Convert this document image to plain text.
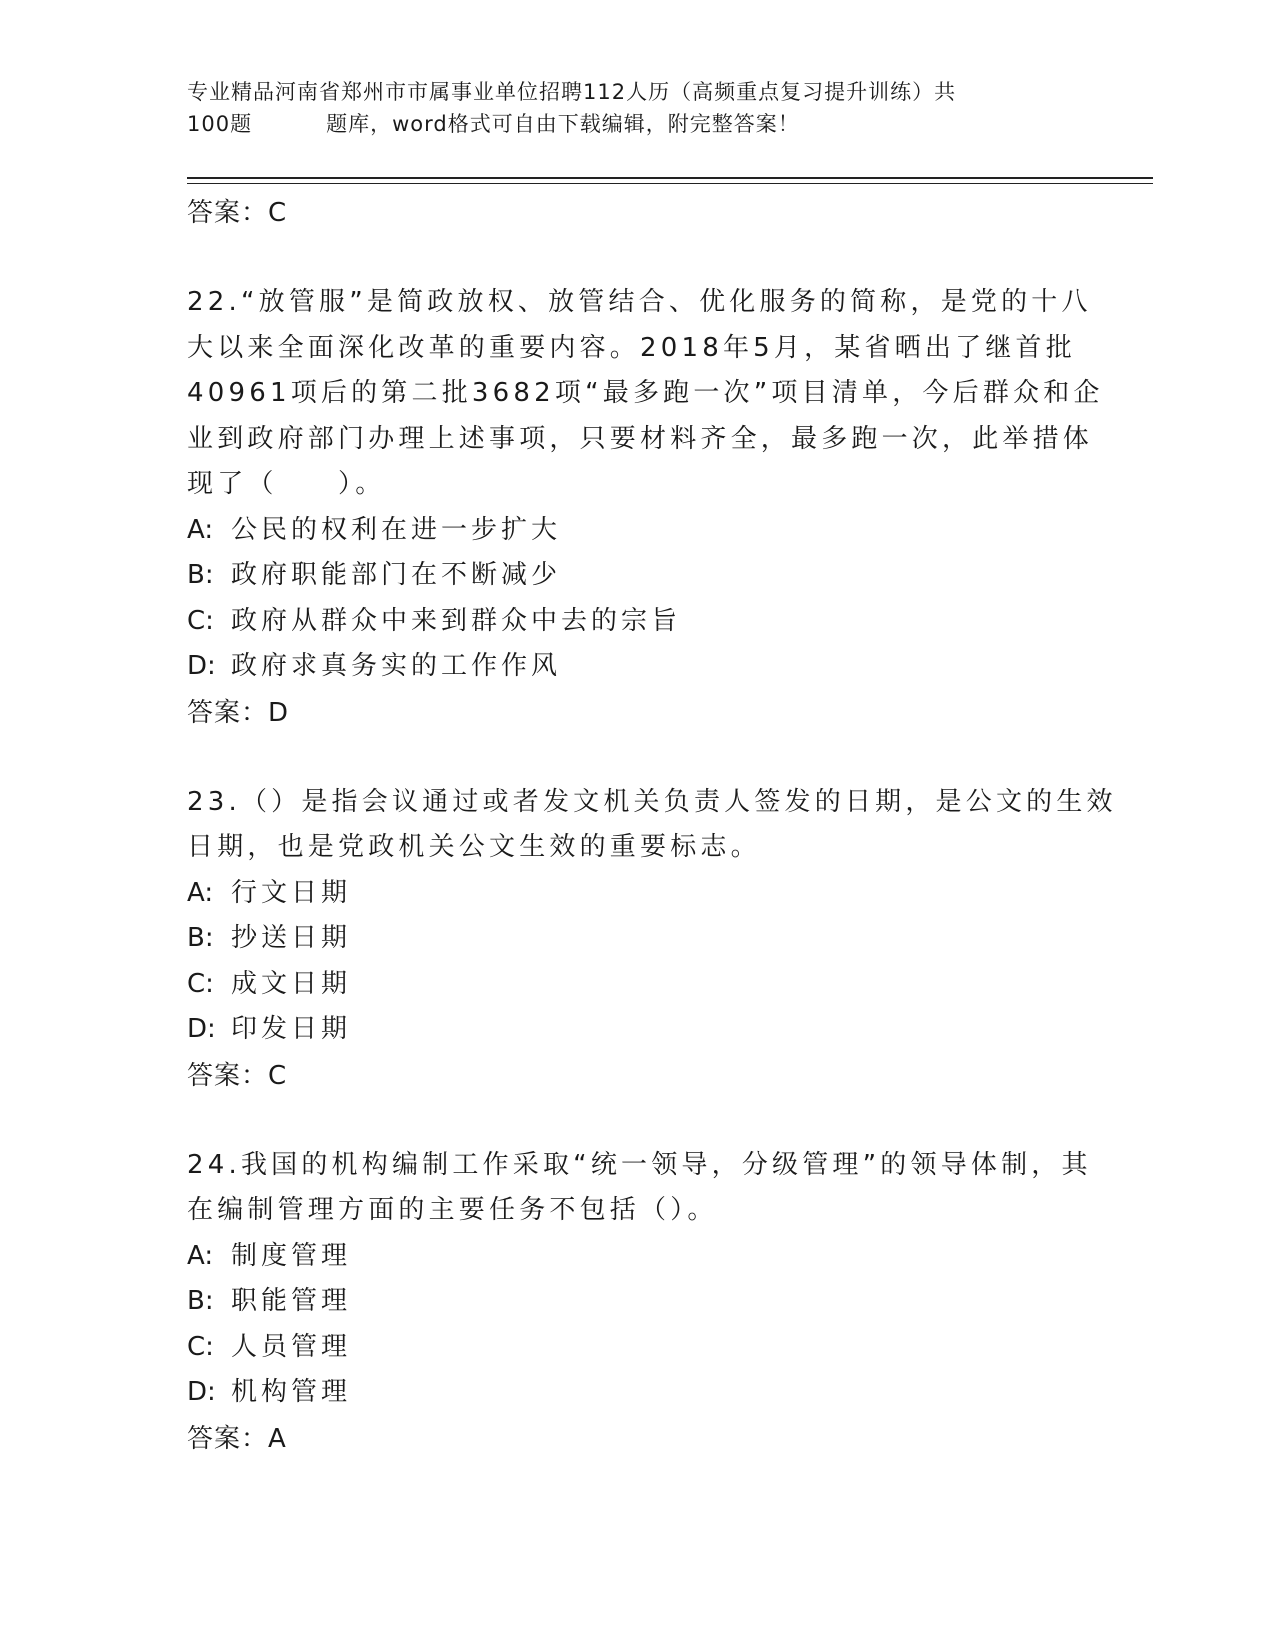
专业精品河南省郑州市市属事业单位招聘112人历（高频重点复习提升训练）共
100题	题库，word格式可自由下载编辑，附完整答案！
答案：C
22.“放管服”是简政放权、放管结合、优化服务的简称，是党的十八
大以来全面深化改革的重要内容。2018年5月，某省晒出了继首批
40961项后的第二批3682项“最多跑一次”项目清单，今后群众和企
业到政府部门办理上述事项，只要材料齐全，最多跑一次，此举措体
现了（　　）。
A: 公民的权利在进一步扩大
B: 政府职能部门在不断减少
C: 政府从群众中来到群众中去的宗旨
D: 政府求真务实的工作作风
答案：D
23.（）是指会议通过或者发文机关负责人签发的日期，是公文的生效
日期，也是党政机关公文生效的重要标志。
A: 行文日期
B: 抄送日期
C: 成文日期
D: 印发日期
答案：C
24.我国的机构编制工作采取“统一领导，分级管理”的领导体制，其
在编制管理方面的主要任务不包括（）。
A: 制度管理
B: 职能管理
C: 人员管理
D: 机构管理
答案：A
